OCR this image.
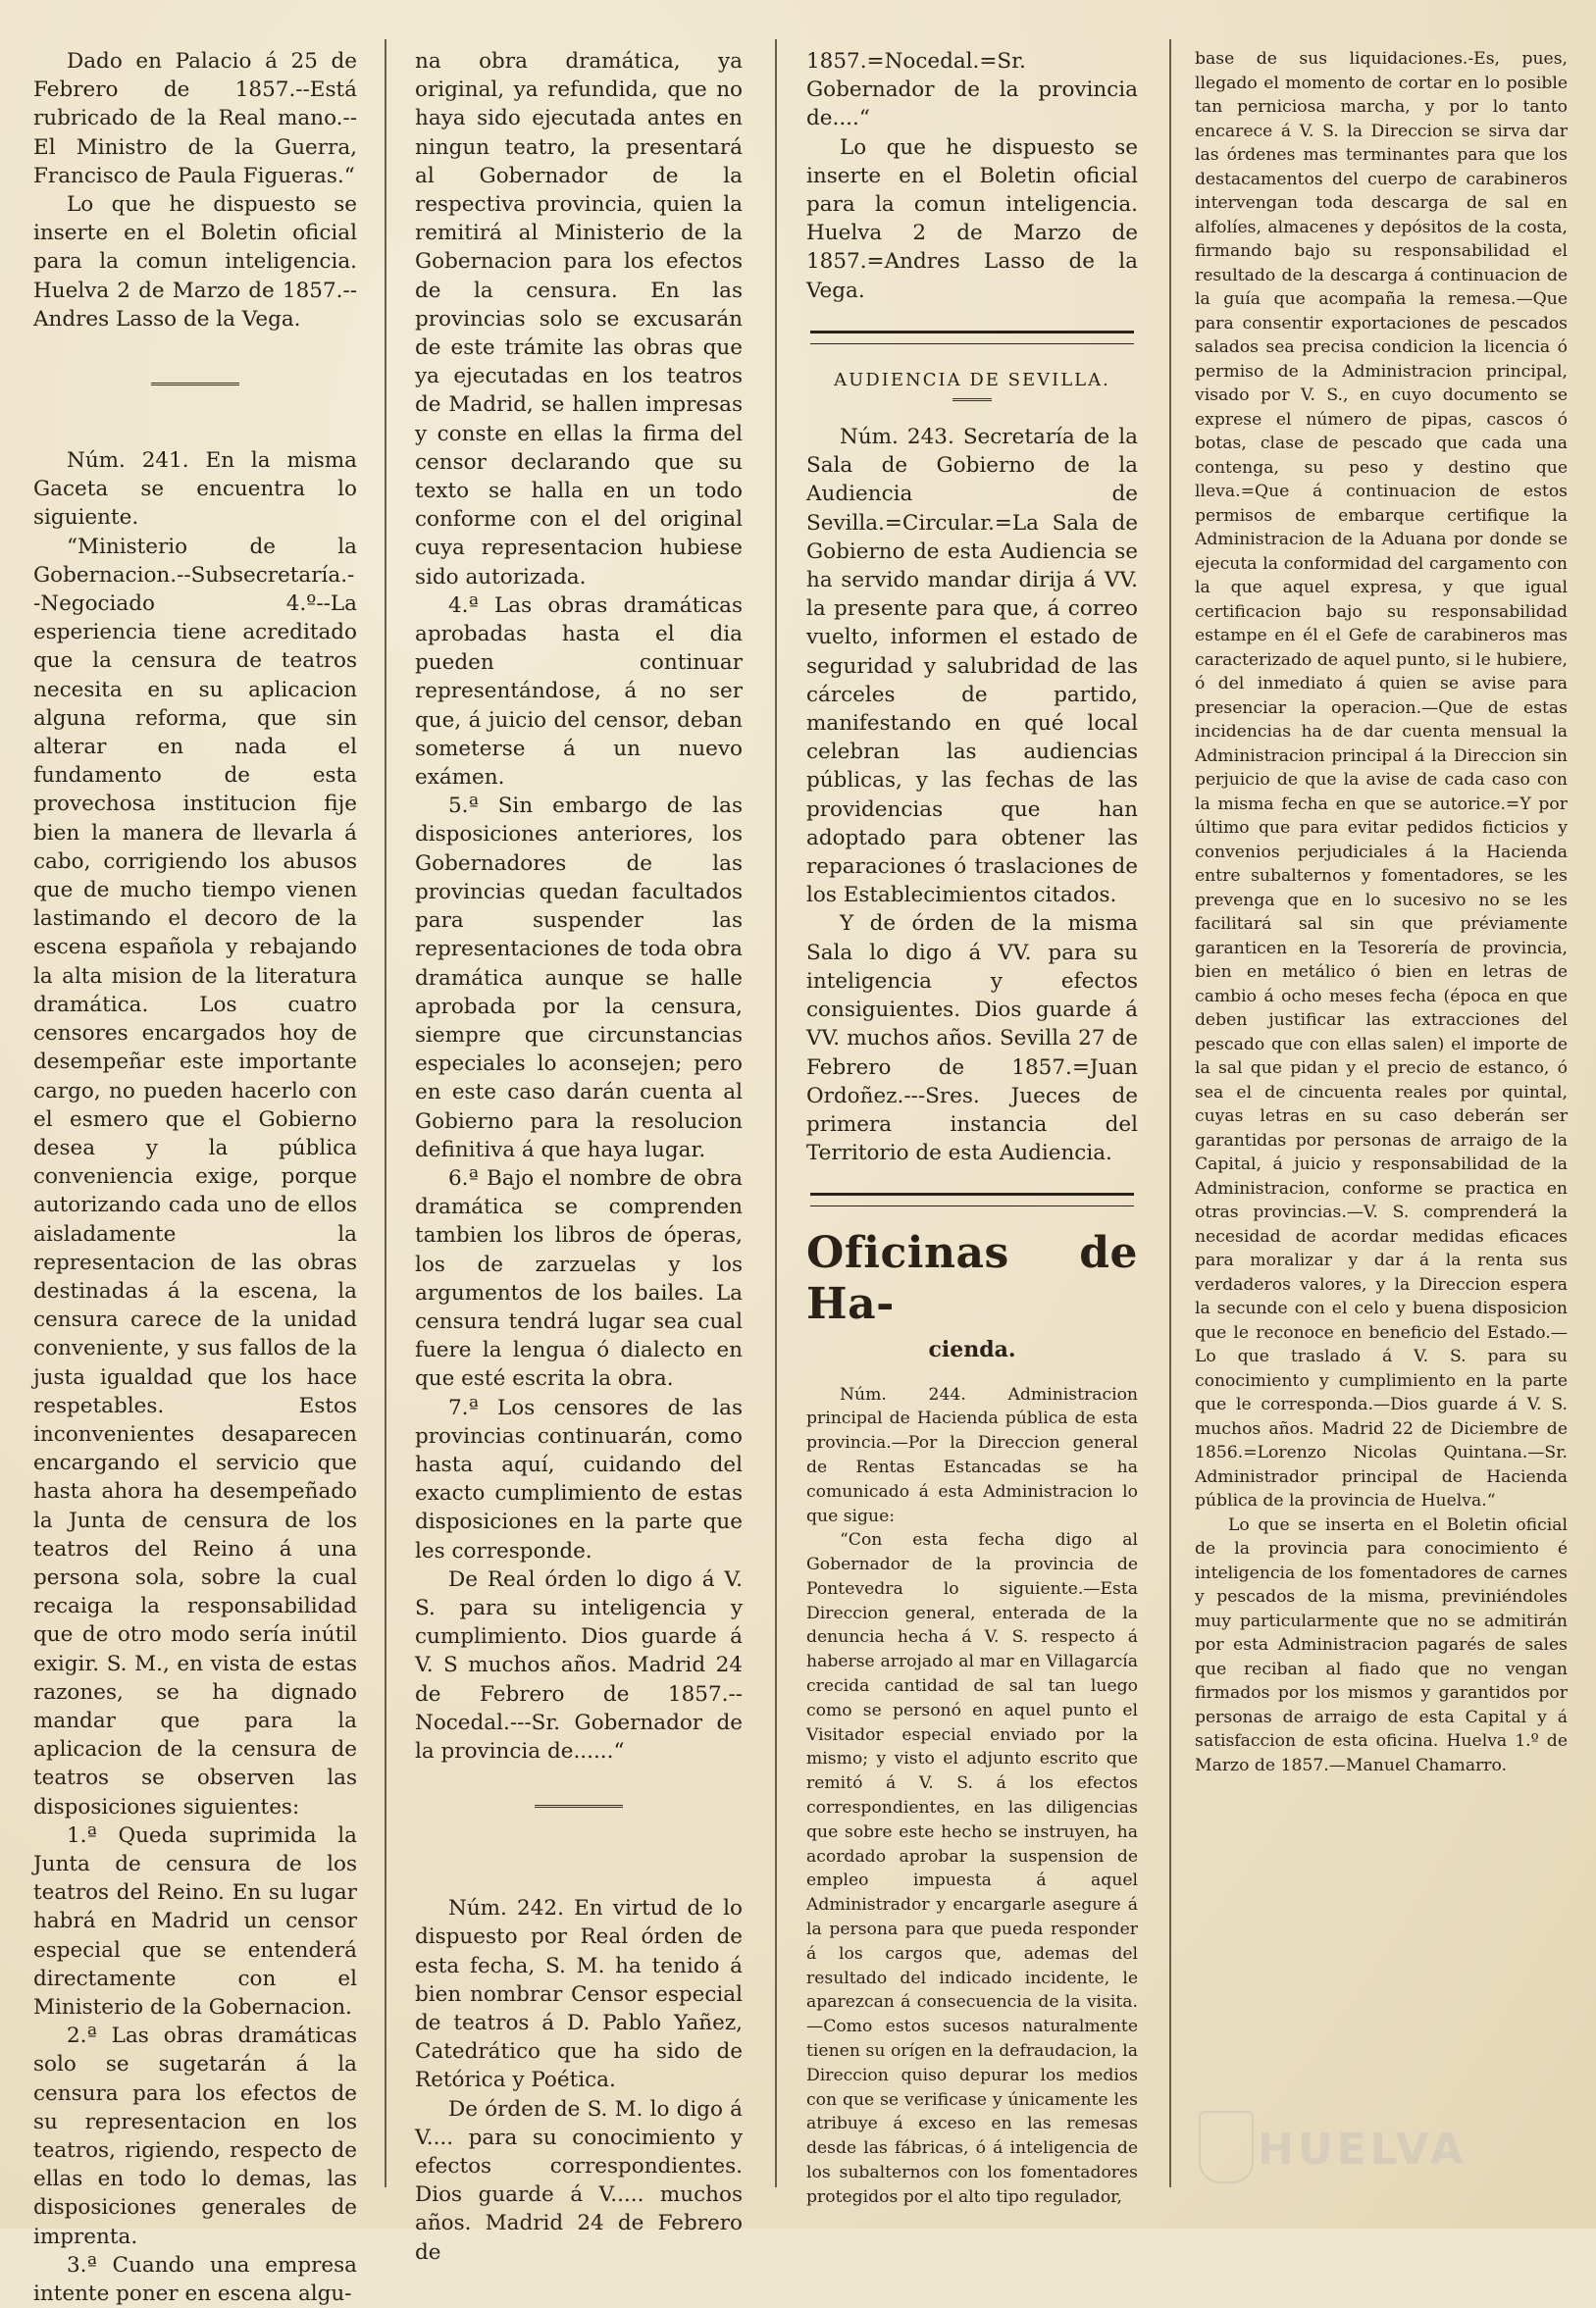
Dado en Palacio á 25 de Febrero de 1857.--Está rubricado de la Real mano.--El Ministro de la Guerra, Francisco de Paula Figueras.“

Lo que he dispuesto se inserte en el Boletin oficial para la comun inteligencia. Huelva 2 de Marzo de 1857.--Andres Lasso de la Vega.

Núm. 241. En la misma Gaceta se encuentra lo siguiente.

“Ministerio de la Gobernacion.--Subsecretaría.--Negociado 4.º--La esperiencia tiene acreditado que la censura de teatros necesita en su aplicacion alguna reforma, que sin alterar en nada el fundamento de esta provechosa institucion fije bien la manera de llevarla á cabo, corrigiendo los abusos que de mucho tiempo vienen lastimando el decoro de la escena española y rebajando la alta mision de la literatura dramática. Los cuatro censores encargados hoy de desempeñar este importante cargo, no pueden hacerlo con el esmero que el Gobierno desea y la pública conveniencia exige, porque autorizando cada uno de ellos aisladamente la representacion de las obras destinadas á la escena, la censura carece de la unidad conveniente, y sus fallos de la justa igualdad que los hace respetables. Estos inconvenientes desaparecen encargando el servicio que hasta ahora ha desempeñado la Junta de censura de los teatros del Reino á una persona sola, sobre la cual recaiga la responsabilidad que de otro modo sería inútil exigir. S. M., en vista de estas razones, se ha dignado mandar que para la aplicacion de la censura de teatros se observen las disposiciones siguientes:

1.ª Queda suprimida la Junta de censura de los teatros del Reino. En su lugar habrá en Madrid un censor especial que se entenderá directamente con el Ministerio de la Gobernacion.

2.ª Las obras dramáticas solo se sugetarán á la censura para los efectos de su representacion en los teatros, rigiendo, respecto de ellas en todo lo demas, las disposiciones generales de imprenta.

3.ª Cuando una empresa intente poner en escena algu-

na obra dramática, ya original, ya refundida, que no haya sido ejecutada antes en ningun teatro, la presentará al Gobernador de la respectiva provincia, quien la remitirá al Ministerio de la Gobernacion para los efectos de la censura. En las provincias solo se excusarán de este trámite las obras que ya ejecutadas en los teatros de Madrid, se hallen impresas y conste en ellas la firma del censor declarando que su texto se halla en un todo conforme con el del original cuya representacion hubiese sido autorizada.

4.ª Las obras dramáticas aprobadas hasta el dia pueden continuar representándose, á no ser que, á juicio del censor, deban someterse á un nuevo exámen.

5.ª Sin embargo de las disposiciones anteriores, los Gobernadores de las provincias quedan facultados para suspender las representaciones de toda obra dramática aunque se halle aprobada por la censura, siempre que circunstancias especiales lo aconsejen; pero en este caso darán cuenta al Gobierno para la resolucion definitiva á que haya lugar.

6.ª Bajo el nombre de obra dramática se comprenden tambien los libros de óperas, los de zarzuelas y los argumentos de los bailes. La censura tendrá lugar sea cual fuere la lengua ó dialecto en que esté escrita la obra.

7.ª Los censores de las provincias continuarán, como hasta aquí, cuidando del exacto cumplimiento de estas disposiciones en la parte que les corresponde.

De Real órden lo digo á V. S. para su inteligencia y cumplimiento. Dios guarde á V. S muchos años. Madrid 24 de Febrero de 1857.--Nocedal.---Sr. Gobernador de la provincia de......“

Núm. 242. En virtud de lo dispuesto por Real órden de esta fecha, S. M. ha tenido á bien nombrar Censor especial de teatros á D. Pablo Yañez, Catedrático que ha sido de Retórica y Poética.

De órden de S. M. lo digo á V.... para su conocimiento y efectos correspondientes. Dios guarde á V..... muchos años. Madrid 24 de Febrero de

1857.=Nocedal.=Sr. Gobernador de la provincia de....“

Lo que he dispuesto se inserte en el Boletin oficial para la comun inteligencia. Huelva 2 de Marzo de 1857.=Andres Lasso de la Vega.

AUDIENCIA DE SEVILLA.

Núm. 243. Secretaría de la Sala de Gobierno de la Audiencia de Sevilla.=Circular.=La Sala de Gobierno de esta Audiencia se ha servido mandar dirija á VV. la presente para que, á correo vuelto, informen el estado de seguridad y salubridad de las cárceles de partido, manifestando en qué local celebran las audiencias públicas, y las fechas de las providencias que han adoptado para obtener las reparaciones ó traslaciones de los Establecimientos citados.

Y de órden de la misma Sala lo digo á VV. para su inteligencia y efectos consiguientes. Dios guarde á VV. muchos años. Sevilla 27 de Febrero de 1857.=Juan Ordoñez.---Sres. Jueces de primera instancia del Territorio de esta Audiencia.

Oficinas de Ha-
cienda.

Núm. 244. Administracion principal de Hacienda pública de esta provincia.—Por la Direccion general de Rentas Estancadas se ha comunicado á esta Administracion lo que sigue:

“Con esta fecha digo al Gobernador de la provincia de Pontevedra lo siguiente.—Esta Direccion general, enterada de la denuncia hecha á V. S. respecto á haberse arrojado al mar en Villagarcía crecida cantidad de sal tan luego como se personó en aquel punto el Visitador especial enviado por la mismo; y visto el adjunto escrito que remitó á V. S. á los efectos correspondientes, en las diligencias que sobre este hecho se instruyen, ha acordado aprobar la suspension de empleo impuesta á aquel Administrador y encargarle asegure á la persona para que pueda responder á los cargos que, ademas del resultado del indicado incidente, le aparezcan á consecuencia de la visita.—Como estos sucesos naturalmente tienen su orígen en la defraudacion, la Direccion quiso depurar los medios con que se verificase y únicamente les atribuye á exceso en las remesas desde las fábricas, ó á inteligencia de los subalternos con los fomentadores protegidos por el alto tipo regulador,

base de sus liquidaciones.-Es, pues, llegado el momento de cortar en lo posible tan perniciosa marcha, y por lo tanto encarece á V. S. la Direccion se sirva dar las órdenes mas terminantes para que los destacamentos del cuerpo de carabineros intervengan toda descarga de sal en alfolíes, almacenes y depósitos de la costa, firmando bajo su responsabilidad el resultado de la descarga á continuacion de la guía que acompaña la remesa.—Que para consentir exportaciones de pescados salados sea precisa condicion la licencia ó permiso de la Administracion principal, visado por V. S., en cuyo documento se exprese el número de pipas, cascos ó botas, clase de pescado que cada una contenga, su peso y destino que lleva.=Que á continuacion de estos permisos de embarque certifique la Administracion de la Aduana por donde se ejecuta la conformidad del cargamento con la que aquel expresa, y que igual certificacion bajo su responsabilidad estampe en él el Gefe de carabineros mas caracterizado de aquel punto, si le hubiere, ó del inmediato á quien se avise para presenciar la operacion.—Que de estas incidencias ha de dar cuenta mensual la Administracion principal á la Direccion sin perjuicio de que la avise de cada caso con la misma fecha en que se autorice.=Y por último que para evitar pedidos ficticios y convenios perjudiciales á la Hacienda entre subalternos y fomentadores, se les prevenga que en lo sucesivo no se les facilitará sal sin que préviamente garanticen en la Tesorería de provincia, bien en metálico ó bien en letras de cambio á ocho meses fecha (época en que deben justificar las extracciones del pescado que con ellas salen) el importe de la sal que pidan y el precio de estanco, ó sea el de cincuenta reales por quintal, cuyas letras en su caso deberán ser garantidas por personas de arraigo de la Capital, á juicio y responsabilidad de la Administracion, conforme se practica en otras provincias.—V. S. comprenderá la necesidad de acordar medidas eficaces para moralizar y dar á la renta sus verdaderos valores, y la Direccion espera la secunde con el celo y buena disposicion que le reconoce en beneficio del Estado.—Lo que traslado á V. S. para su conocimiento y cumplimiento en la parte que le corresponda.—Dios guarde á V. S. muchos años. Madrid 22 de Diciembre de 1856.=Lorenzo Nicolas Quintana.—Sr. Administrador principal de Hacienda pública de la provincia de Huelva.“

Lo que se inserta en el Boletin oficial de la provincia para conocimiento é inteligencia de los fomentadores de carnes y pescados de la misma, previniéndoles muy particularmente que no se admitirán por esta Administracion pagarés de sales que reciban al fiado que no vengan firmados por los mismos y garantidos por personas de arraigo de esta Capital y á satisfaccion de esta oficina. Huelva 1.º de Marzo de 1857.—Manuel Chamarro.

HUELVA
